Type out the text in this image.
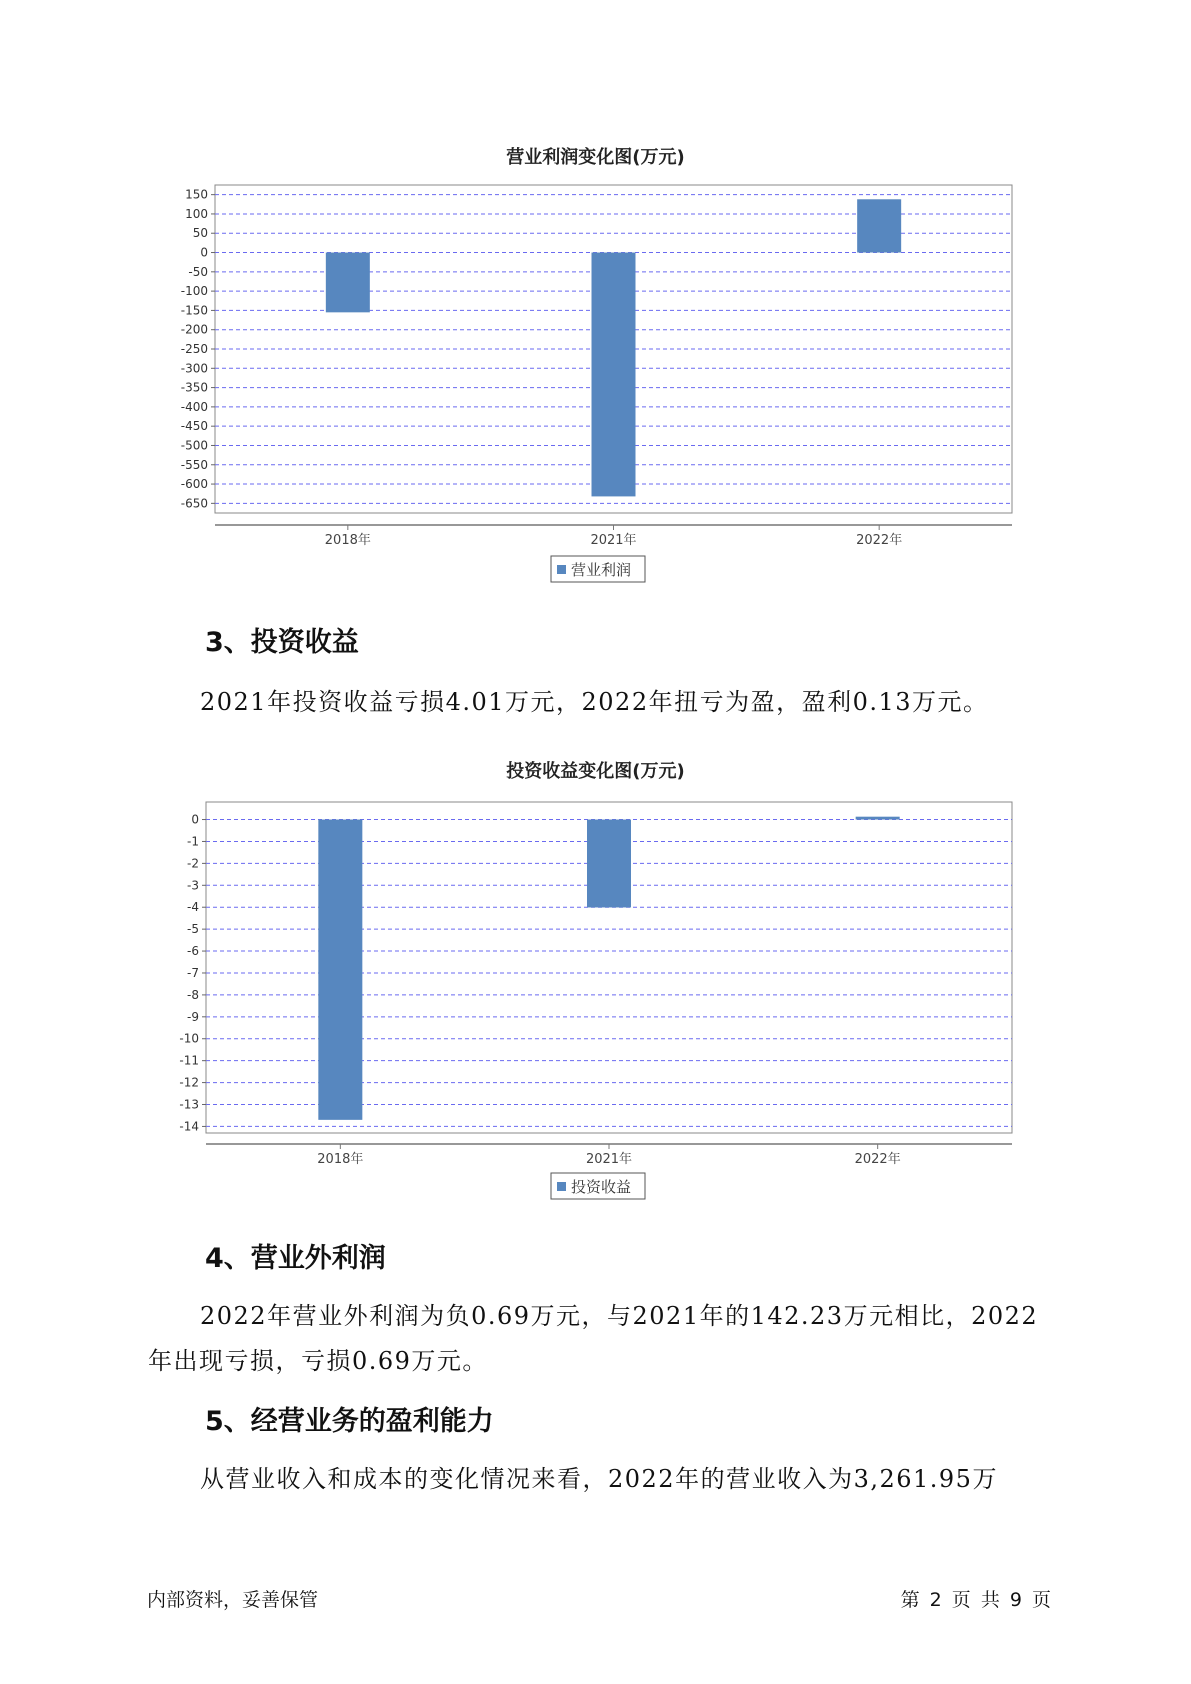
营业利润变化图(万元)
150
100
50
0
-50
-100
-150
-200
-250
-300
-350
-400
-450
-500
-550
-600
-650
2018年	2021年	2022年
营业利润
3、投资收益
2021年投资收益亏损4.01万元，2022年扭亏为盈，盈利0.13万元。
投资收益变化图(万元)
0
-1
-2
-3
-4
-5
-6
-7
-8
-9
-10
-11
-12
-13
-14
2018年	2021年	2022年
投资收益
4、营业外利润
2022年营业外利润为负0.69万元，与2021年的142.23万元相比，2022年出现亏损，亏损0.69万元。
5、经营业务的盈利能力
从营业收入和成本的变化情况来看，2022年的营业收入为3,261.95万
内部资料，妥善保管	第 2 页 共 9 页
